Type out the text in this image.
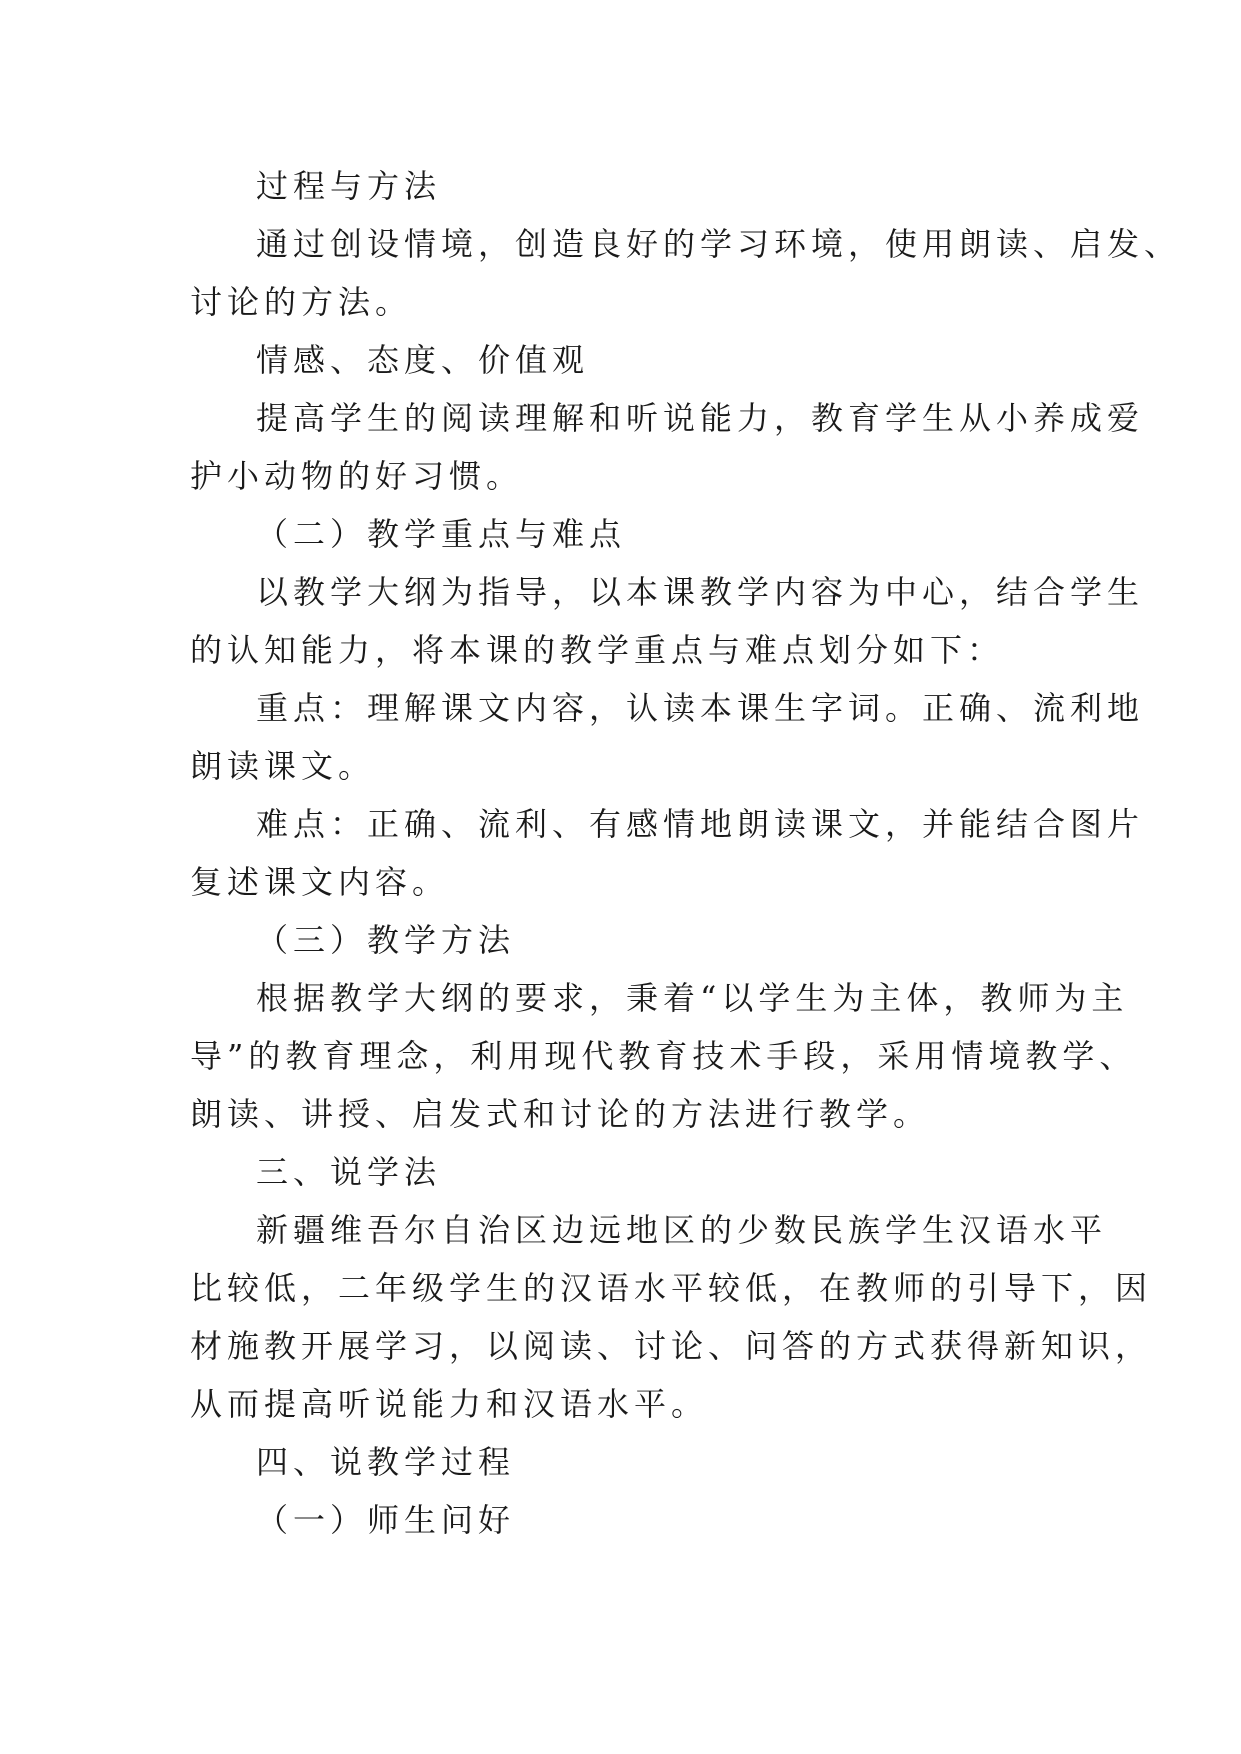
过程与方法
通过创设情境，创造良好的学习环境，使用朗读、启发、
讨论的方法。
情感、态度、价值观
提高学生的阅读理解和听说能力，教育学生从小养成爱
护小动物的好习惯。
（二）教学重点与难点
以教学大纲为指导，以本课教学内容为中心，结合学生
的认知能力，将本课的教学重点与难点划分如下：
重点：理解课文内容，认读本课生字词。正确、流利地
朗读课文。
难点：正确、流利、有感情地朗读课文，并能结合图片
复述课文内容。
（三）教学方法
根据教学大纲的要求，秉着“以学生为主体，教师为主
导”的教育理念，利用现代教育技术手段，采用情境教学、
朗读、讲授、启发式和讨论的方法进行教学。
三、说学法
新疆维吾尔自治区边远地区的少数民族学生汉语水平
比较低，二年级学生的汉语水平较低，在教师的引导下，因
材施教开展学习，以阅读、讨论、问答的方式获得新知识，
从而提高听说能力和汉语水平。
四、说教学过程
（一）师生问好
